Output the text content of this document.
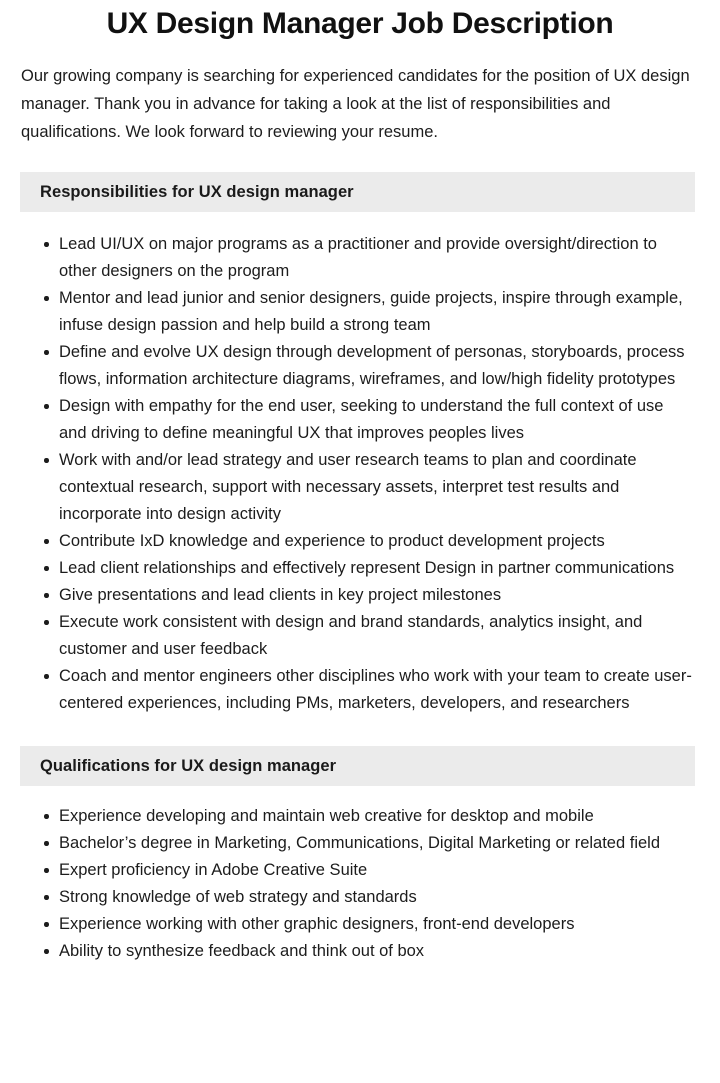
UX Design Manager Job Description

Our growing company is searching for experienced candidates for the position of UX design manager. Thank you in advance for taking a look at the list of responsibilities and qualifications. We look forward to reviewing your resume.

Responsibilities for UX design manager
Lead UI/UX on major programs as a practitioner and provide oversight/direction to other designers on the program
Mentor and lead junior and senior designers, guide projects, inspire through example, infuse design passion and help build a strong team
Define and evolve UX design through development of personas, storyboards, process flows, information architecture diagrams, wireframes, and low/high fidelity prototypes
Design with empathy for the end user, seeking to understand the full context of use and driving to define meaningful UX that improves peoples lives
Work with and/or lead strategy and user research teams to plan and coordinate contextual research, support with necessary assets, interpret test results and incorporate into design activity
Contribute IxD knowledge and experience to product development projects
Lead client relationships and effectively represent Design in partner communications
Give presentations and lead clients in key project milestones
Execute work consistent with design and brand standards, analytics insight, and customer and user feedback
Coach and mentor engineers other disciplines who work with your team to create user-centered experiences, including PMs, marketers, developers, and researchers
Qualifications for UX design manager
Experience developing and maintain web creative for desktop and mobile
Bachelor’s degree in Marketing, Communications, Digital Marketing or related field
Expert proficiency in Adobe Creative Suite
Strong knowledge of web strategy and standards
Experience working with other graphic designers, front-end developers
Ability to synthesize feedback and think out of box
